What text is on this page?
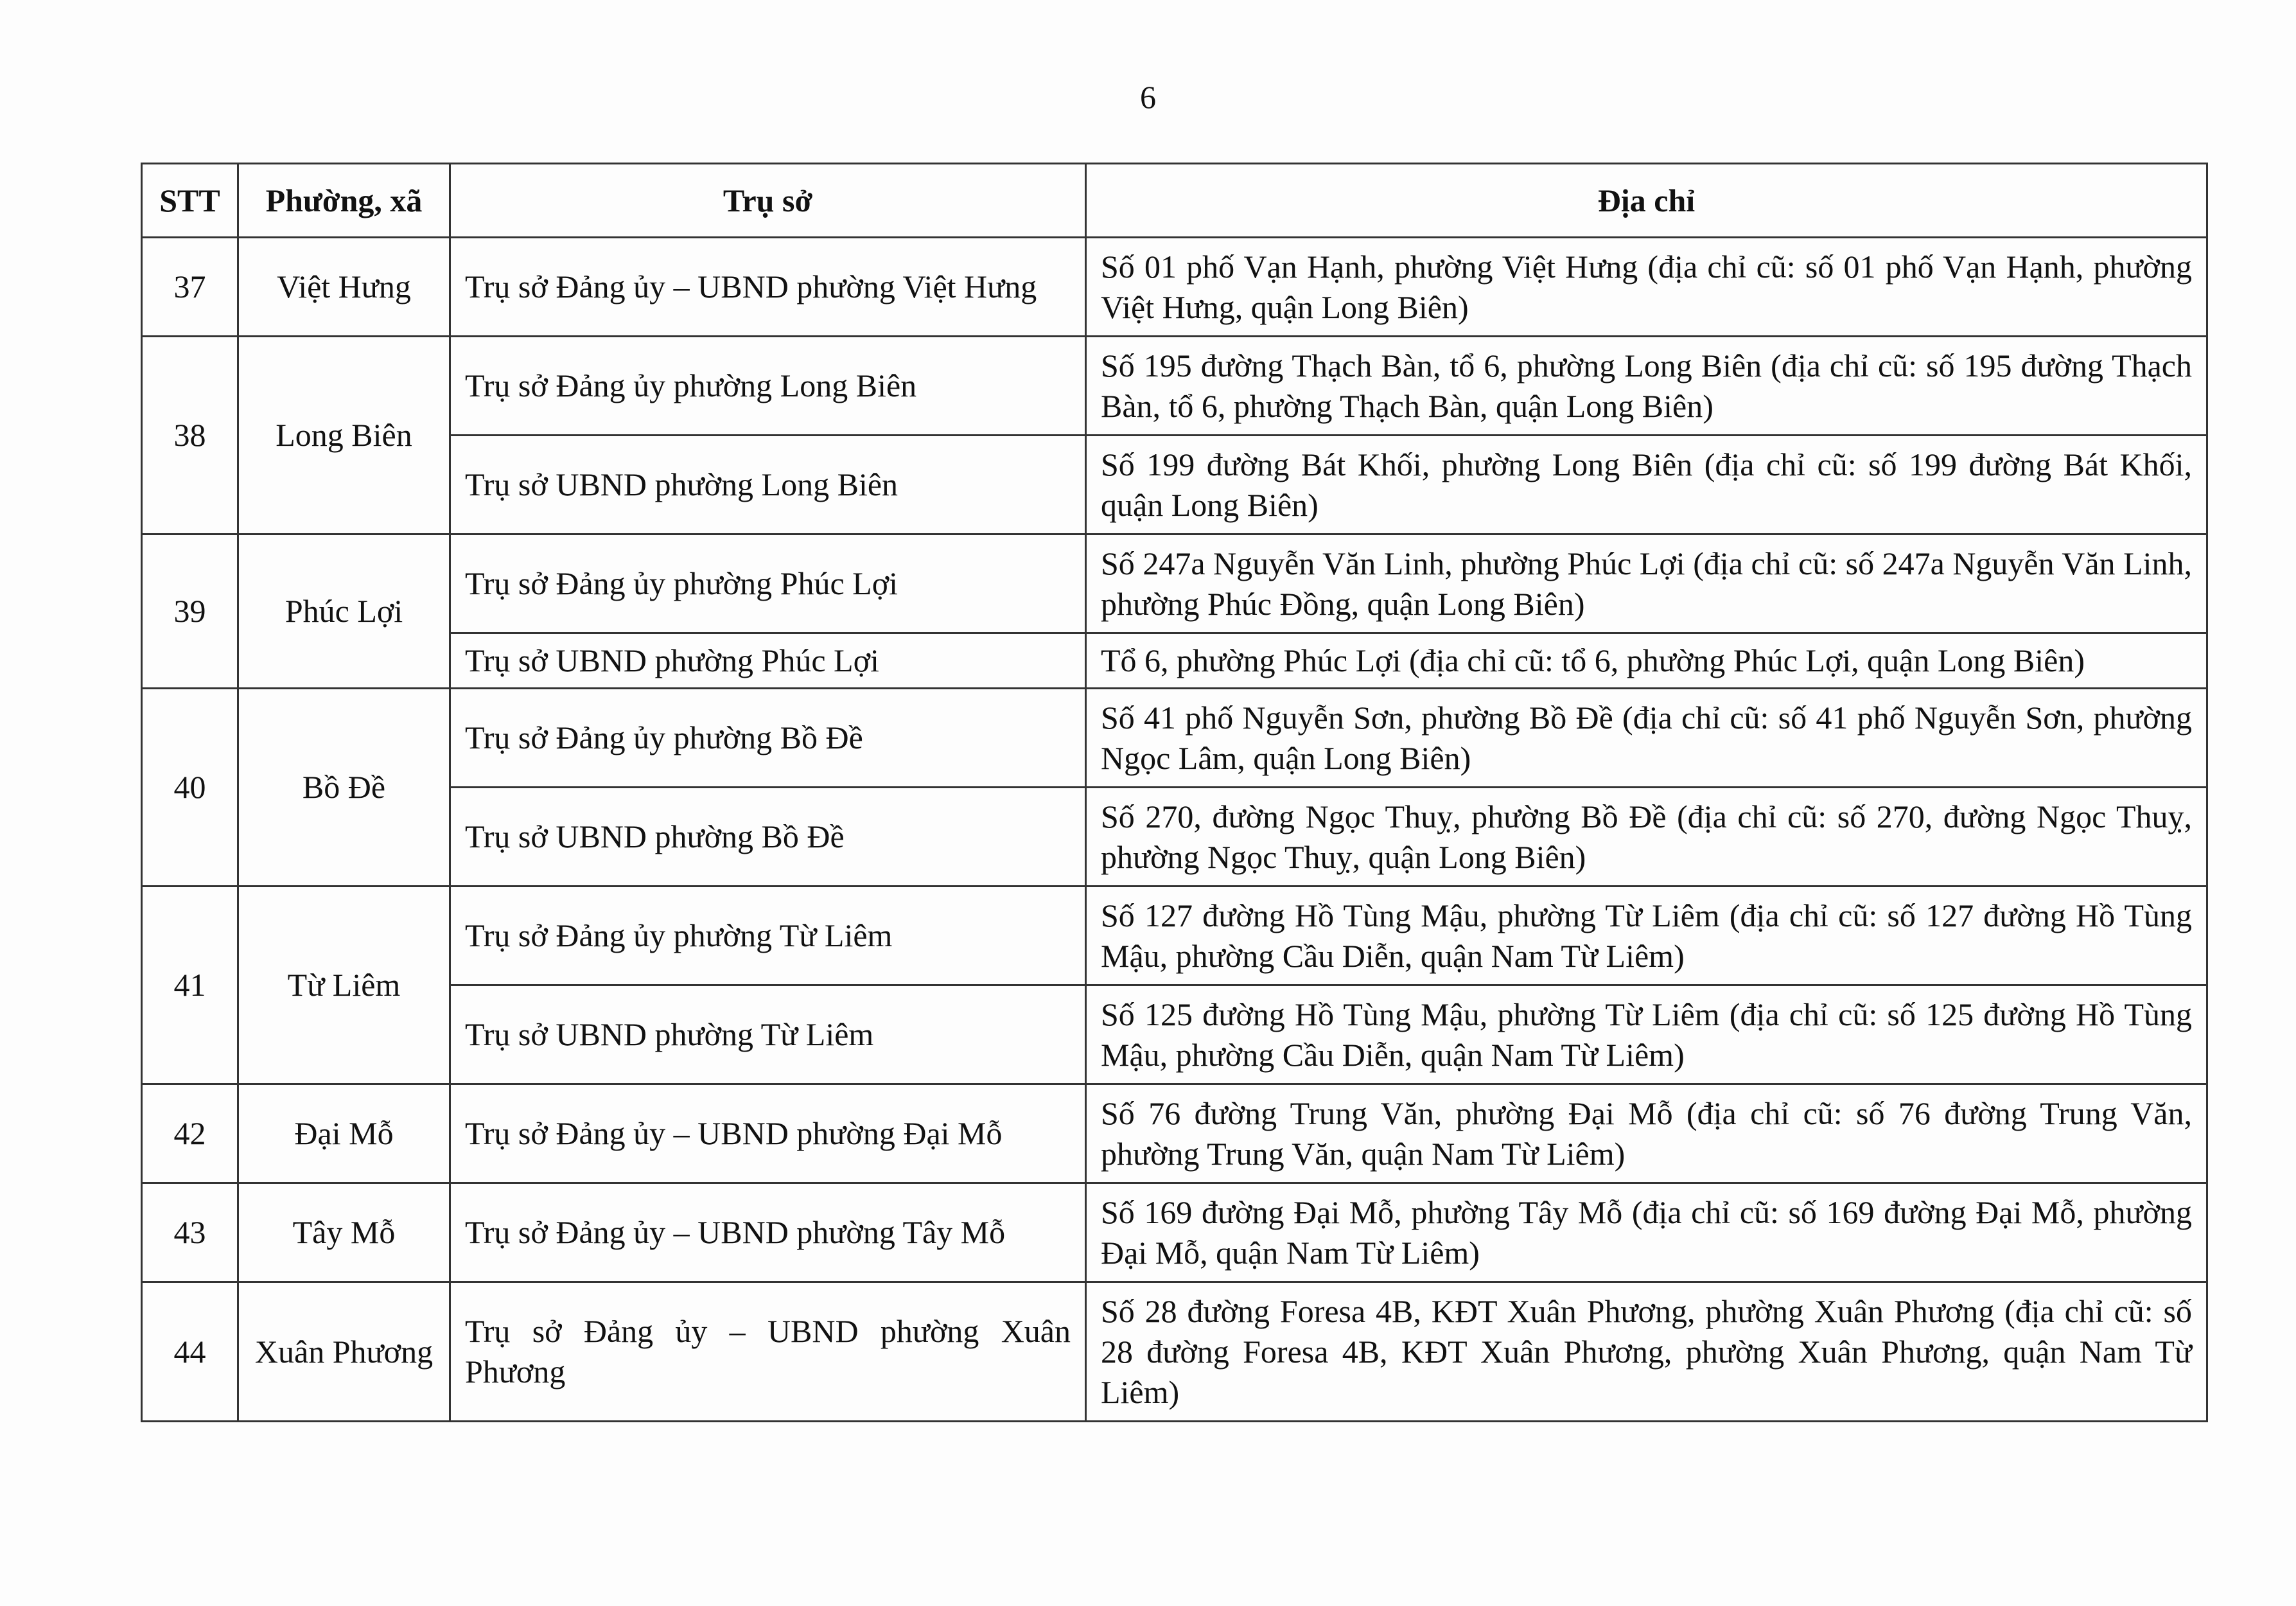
6
STT	Phường, xã	Trụ sở	Địa chỉ
37	Việt Hưng	Trụ sở Đảng ủy – UBND phường Việt Hưng	Số 01 phố Vạn Hạnh, phường Việt Hưng (địa chỉ cũ: số 01 phố Vạn Hạnh, phường Việt Hưng, quận Long Biên)
38	Long Biên	Trụ sở Đảng ủy phường Long Biên	Số 195 đường Thạch Bàn, tổ 6, phường Long Biên (địa chỉ cũ: số 195 đường Thạch Bàn, tổ 6, phường Thạch Bàn, quận Long Biên)
		Trụ sở UBND phường Long Biên	Số 199 đường Bát Khối, phường Long Biên (địa chỉ cũ: số 199 đường Bát Khối, quận Long Biên)
39	Phúc Lợi	Trụ sở Đảng ủy phường Phúc Lợi	Số 247a Nguyễn Văn Linh, phường Phúc Lợi (địa chỉ cũ: số 247a Nguyễn Văn Linh, phường Phúc Đồng, quận Long Biên)
		Trụ sở UBND phường Phúc Lợi	Tổ 6, phường Phúc Lợi (địa chỉ cũ: tổ 6, phường Phúc Lợi, quận Long Biên)
40	Bồ Đề	Trụ sở Đảng ủy phường Bồ Đề	Số 41 phố Nguyễn Sơn, phường Bồ Đề (địa chỉ cũ: số 41 phố Nguyễn Sơn, phường Ngọc Lâm, quận Long Biên)
		Trụ sở UBND phường Bồ Đề	Số 270, đường Ngọc Thuỵ, phường Bồ Đề (địa chỉ cũ: số 270, đường Ngọc Thuỵ, phường Ngọc Thuỵ, quận Long Biên)
41	Từ Liêm	Trụ sở Đảng ủy phường Từ Liêm	Số 127 đường Hồ Tùng Mậu, phường Từ Liêm (địa chỉ cũ: số 127 đường Hồ Tùng Mậu, phường Cầu Diễn, quận Nam Từ Liêm)
		Trụ sở UBND phường Từ Liêm	Số 125 đường Hồ Tùng Mậu, phường Từ Liêm (địa chỉ cũ: số 125 đường Hồ Tùng Mậu, phường Cầu Diễn, quận Nam Từ Liêm)
42	Đại Mỗ	Trụ sở Đảng ủy – UBND phường Đại Mỗ	Số 76 đường Trung Văn, phường Đại Mỗ (địa chỉ cũ: số 76 đường Trung Văn, phường Trung Văn, quận Nam Từ Liêm)
43	Tây Mỗ	Trụ sở Đảng ủy – UBND phường Tây Mỗ	Số 169 đường Đại Mỗ, phường Tây Mỗ (địa chỉ cũ: số 169 đường Đại Mỗ, phường Đại Mỗ, quận Nam Từ Liêm)
44	Xuân Phương	Trụ sở Đảng ủy – UBND phường Xuân Phương	Số 28 đường Foresa 4B, KĐT Xuân Phương, phường Xuân Phương (địa chỉ cũ: số 28 đường Foresa 4B, KĐT Xuân Phương, phường Xuân Phương, quận Nam Từ Liêm)
